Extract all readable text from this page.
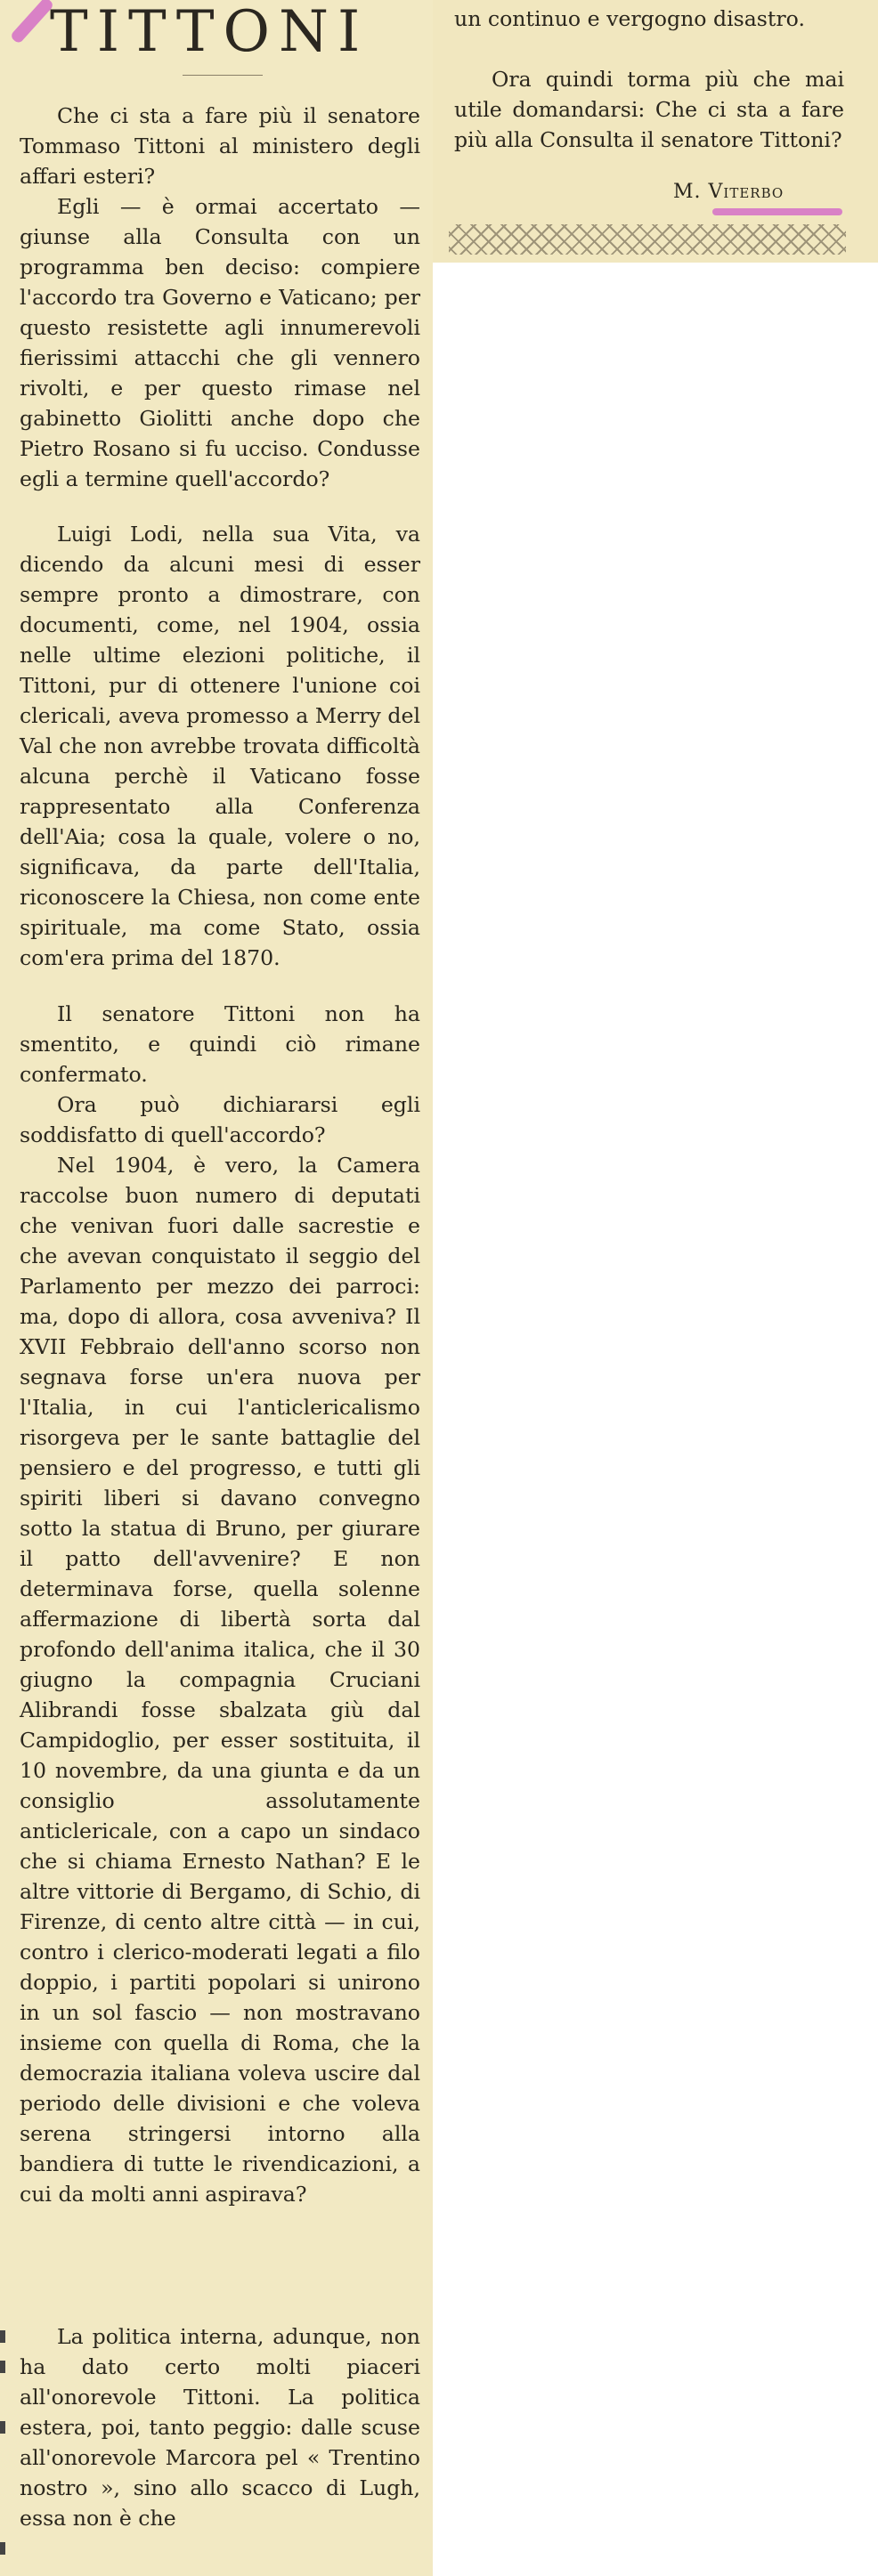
TITTONI

Che ci sta a fare più il senatore Tommaso Tittoni al ministero degli affari esteri?

Egli — è ormai accertato — giunse alla Consulta con un programma ben deciso: compiere l'accordo tra Governo e Vaticano; per questo resistette agli innumerevoli fierissimi attacchi che gli vennero rivolti, e per questo rimase nel gabinetto Giolitti anche dopo che Pietro Rosano si fu ucciso. Condusse egli a termine quell'accordo?

Luigi Lodi, nella sua Vita, va dicendo da alcuni mesi di esser sempre pronto a dimostrare, con documenti, come, nel 1904, ossia nelle ultime elezioni politiche, il Tittoni, pur di ottenere l'unione coi clericali, aveva promesso a Merry del Val che non avrebbe trovata difficoltà alcuna perchè il Vaticano fosse rappresentato alla Conferenza dell'Aia; cosa la quale, volere o no, significava, da parte dell'Italia, riconoscere la Chiesa, non come ente spirituale, ma come Stato, ossia com'era prima del 1870.

Il senatore Tittoni non ha smentito, e quindi ciò rimane confermato.

Ora può dichiararsi egli soddisfatto di quell'accordo?

Nel 1904, è vero, la Camera raccolse buon numero di deputati che venivan fuori dalle sacrestie e che avevan conquistato il seggio del Parlamento per mezzo dei parroci: ma, dopo di allora, cosa avveniva? Il XVII Febbraio dell'anno scorso non segnava forse un'era nuova per l'Italia, in cui l'anticlericalismo risorgeva per le sante battaglie del pensiero e del progresso, e tutti gli spiriti liberi si davano convegno sotto la statua di Bruno, per giurare il patto dell'avvenire? E non determinava forse, quella solenne affermazione di libertà sorta dal profondo dell'anima italica, che il 30 giugno la compagnia Cruciani Alibrandi fosse sbalzata giù dal Campidoglio, per esser sostituita, il 10 novembre, da una giunta e da un consiglio assolutamente anticlericale, con a capo un sindaco che si chiama Ernesto Nathan? E le altre vittorie di Bergamo, di Schio, di Firenze, di cento altre città — in cui, contro i clerico-moderati legati a filo doppio, i partiti popolari si unirono in un sol fascio — non mostravano insieme con quella di Roma, che la democrazia italiana voleva uscire dal periodo delle divisioni e che voleva serena stringersi intorno alla bandiera di tutte le rivendicazioni, a cui da molti anni aspirava?

La politica interna, adunque, non ha dato certo molti piaceri all'onorevole Tittoni. La politica estera, poi, tanto peggio: dalle scuse all'onorevole Marcora pel « Trentino nostro », sino allo scacco di Lugh, essa non è che

un continuo e vergogno disastro.

Ora quindi torma più che mai utile domandarsi: Che ci sta a fare più alla Consulta il senatore Tittoni?

M. Viterbo
